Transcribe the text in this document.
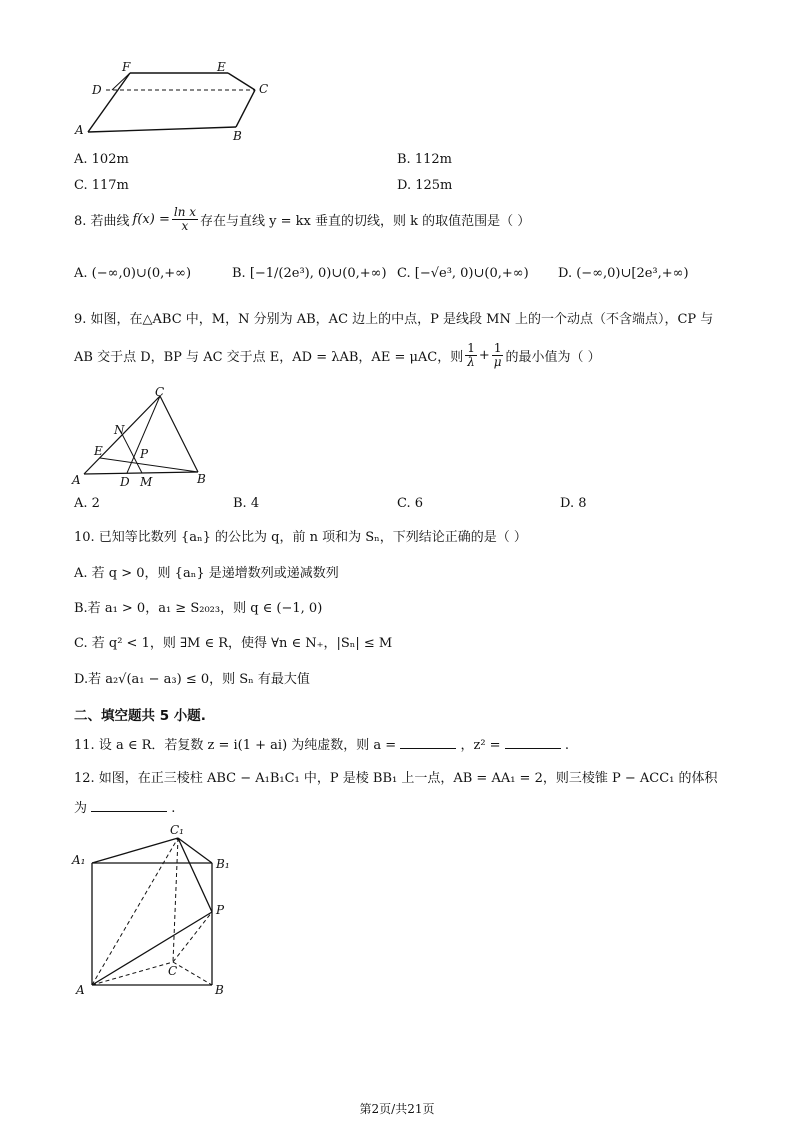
F	E
D	C
A	B
A. 102m	B. 112m
C. 117m	D. 125m
8. 若曲线 $f(x) = \frac{\text{ln x}}{x}$ 存在与直线 y = kx 垂直的切线，则 k 的取值范围是（ ）
A. (−∞,0)∪(0,+∞)	B. [−1/(2e³), 0)∪(0,+∞) C. [−√e³, 0)∪(0,+∞) D. (−∞,0)∪[2e³,+∞)
9. 如图，在△ABC 中，M，N 分别为 AB，AC 边上的中点，P 是线段 MN 上的一个动点（不含端点），CP 与
AB 交于点 D，BP 与 AC 交于点 E，AD = λAB，AE = μAC，则 $\frac{1}{\lambda} + \frac{1}{\mu}$ 的最小值为（ ）
C
N
E	P
A	D M	B
A. 2	B. 4	C. 6	D. 8
10. 已知等比数列 {aₙ} 的公比为 q，前 n 项和为 Sₙ，下列结论正确的是（ ）
A. 若 q > 0，则 {aₙ} 是递增数列或递减数列
B.若 a₁ > 0，a₁ ≥ S₂₀₂₃，则 q ∈ (−1, 0)
C. 若 q² < 1，则 ∃M ∈ R，使得 ∀n ∈ N₊，|Sₙ| ≤ M
D.若 a₂√(a₁ − a₃) ≤ 0，则 Sₙ 有最大值
二、填空题共 5 小题.
11. 设 a ∈ R．若复数 z = i(1 + ai) 为纯虚数，则 a =	，z² =	.
12. 如图，在正三棱柱 ABC − A₁B₁C₁ 中，P 是棱 BB₁ 上一点，AB = AA₁ = 2，则三棱锥 P − ACC₁ 的体积
为	.
C₁
A₁	B₁
P
C
A	B
第2页/共21页
